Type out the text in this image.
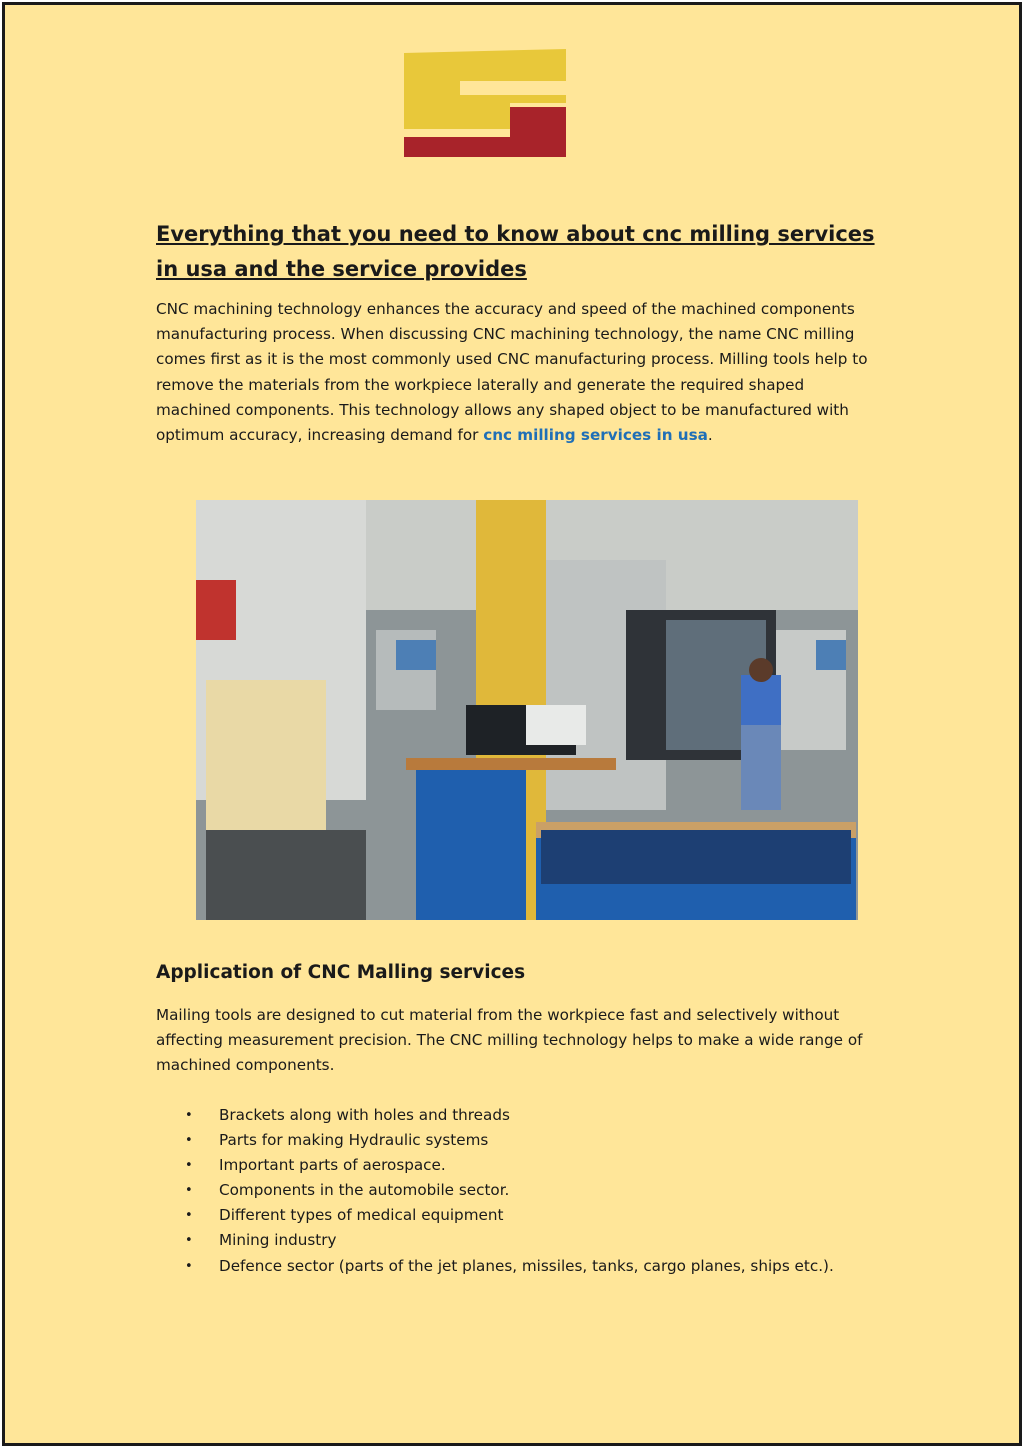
Everything that you need to know about cnc milling services in usa and the service provides

CNC machining technology enhances the accuracy and speed of the machined components manufacturing process. When discussing CNC machining technology, the name CNC milling comes first as it is the most commonly used CNC manufacturing process. Milling tools help to remove the materials from the workpiece laterally and generate the required shaped machined components. This technology allows any shaped object to be manufactured with optimum accuracy, increasing demand for cnc milling services in usa.

Application of CNC Malling services

Mailing tools are designed to cut material from the workpiece fast and selectively without affecting measurement precision. The CNC milling technology helps to make a wide range of machined components.

• Brackets along with holes and threads
• Parts for making Hydraulic systems
• Important parts of aerospace.
• Components in the automobile sector.
• Different types of medical equipment
• Mining industry
• Defence sector (parts of the jet planes, missiles, tanks, cargo planes, ships etc.).
